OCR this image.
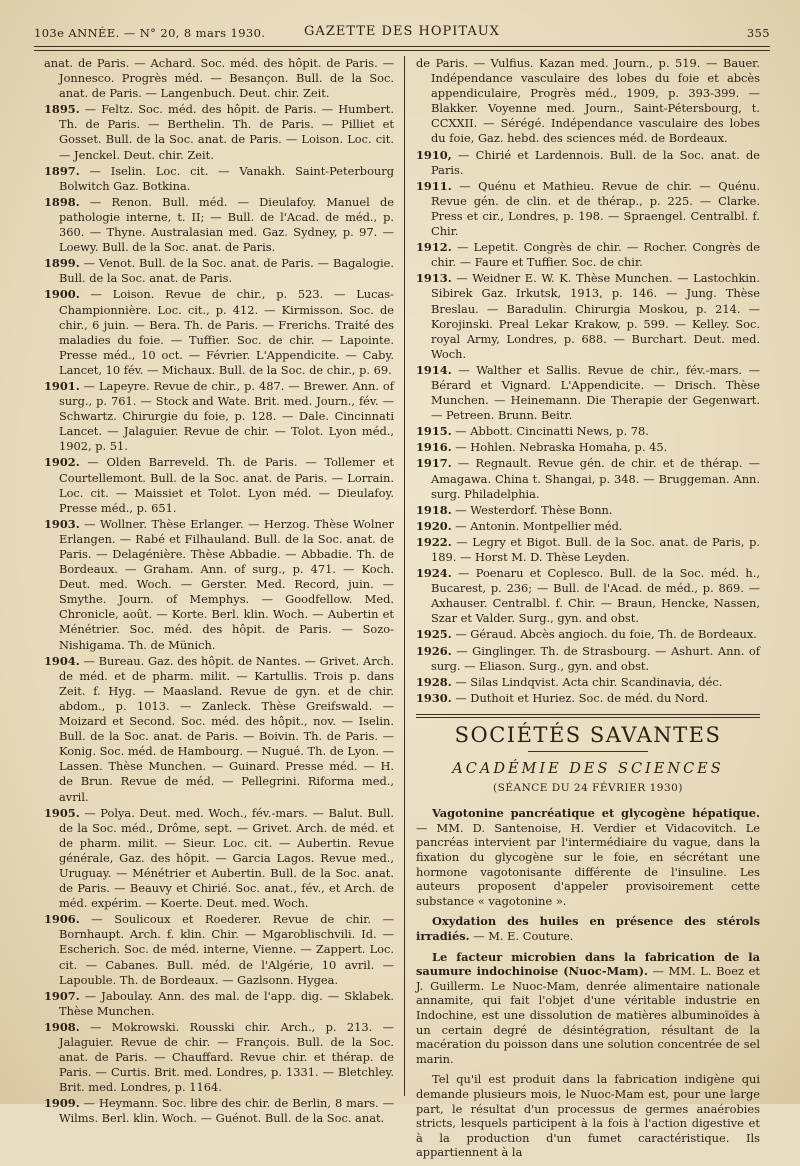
103e ANNÉE. — N° 20, 8 mars 1930.	GAZETTE DES HOPITAUX	355
anat. de Paris. — Achard. Soc. méd. des hôpit. de Paris. — Jonnesco. Progrès méd. — Besançon. Bull. de la Soc. anat. de Paris. — Langenbuch. Deut. chir. Zeit.
1895. — Feltz. Soc. méd. des hôpit. de Paris. — Humbert. Th. de Paris. — Berthelin. Th. de Paris. — Pilliet et Gosset. Bull. de la Soc. anat. de Paris. — Loison. Loc. cit. — Jenckel. Deut. chir. Zeit.
1897. — Iselin. Loc. cit. — Vanakh. Saint-Peterbourg Bolwitch Gaz. Botkina.
1898. — Renon. Bull. méd. — Dieulafoy. Manuel de pathologie interne, t. II; — Bull. de l'Acad. de méd., p. 360. — Thyne. Australasian med. Gaz. Sydney, p. 97. — Loewy. Bull. de la Soc. anat. de Paris.
1899. — Venot. Bull. de la Soc. anat. de Paris. — Bagalogie. Bull. de la Soc. anat. de Paris.
1900. — Loison. Revue de chir., p. 523. — Lucas-Championnière. Loc. cit., p. 412. — Kirmisson. Soc. de chir., 6 juin. — Bera. Th. de Paris. — Frerichs. Traité des maladies du foie. — Tuffier. Soc. de chir. — Lapointe. Presse méd., 10 oct. — Février. L'Appendicite. — Caby. Lancet, 10 fév. — Michaux. Bull. de la Soc. de chir., p. 69.
1901. — Lapeyre. Revue de chir., p. 487. — Brewer. Ann. of surg., p. 761. — Stock and Wate. Brit. med. Journ., fév. — Schwartz. Chirurgie du foie, p. 128. — Dale. Cincinnati Lancet. — Jalaguier. Revue de chir. — Tolot. Lyon méd., 1902, p. 51.
1902. — Olden Barreveld. Th. de Paris. — Tollemer et Courtellemont. Bull. de la Soc. anat. de Paris. — Lorrain. Loc. cit. — Maissiet et Tolot. Lyon méd. — Dieulafoy. Presse méd., p. 651.
1903. — Wollner. Thèse Erlanger. — Herzog. Thèse Wolner Erlangen. — Rabé et Filhauland. Bull. de la Soc. anat. de Paris. — Delagénière. Thèse Abbadie. — Abbadie. Th. de Bordeaux. — Graham. Ann. of surg., p. 471. — Koch. Deut. med. Woch. — Gerster. Med. Record, juin. — Smythe. Journ. of Memphys. — Goodfellow. Med. Chronicle, août. — Korte. Berl. klin. Woch. — Aubertin et Ménétrier. Soc. méd. des hôpit. de Paris. — Sozo-Nishigama. Th. de Münich.
1904. — Bureau. Gaz. des hôpit. de Nantes. — Grivet. Arch. de méd. et de pharm. milit. — Kartullis. Trois p. dans Zeit. f. Hyg. — Maasland. Revue de gyn. et de chir. abdom., p. 1013. — Zanleck. Thèse Greifswald. — Moizard et Second. Soc. méd. des hôpit., nov. — Iselin. Bull. de la Soc. anat. de Paris. — Boivin. Th. de Paris. — Konig. Soc. méd. de Hambourg. — Nugué. Th. de Lyon. — Lassen. Thèse Munchen. — Guinard. Presse méd. — H. de Brun. Revue de méd. — Pellegrini. Riforma med., avril.
1905. — Polya. Deut. med. Woch., fév.-mars. — Balut. Bull. de la Soc. méd., Drôme, sept. — Grivet. Arch. de méd. et de pharm. milit. — Sieur. Loc. cit. — Aubertin. Revue générale, Gaz. des hôpit. — Garcia Lagos. Revue med., Uruguay. — Ménétrier et Aubertin. Bull. de la Soc. anat. de Paris. — Beauvy et Chirié. Soc. anat., fév., et Arch. de méd. expérim. — Koerte. Deut. med. Woch.
1906. — Soulicoux et Roederer. Revue de chir. — Bornhaupt. Arch. f. klin. Chir. — Mgaroblischvili. Id. — Escherich. Soc. de méd. interne, Vienne. — Zappert. Loc. cit. — Cabanes. Bull. méd. de l'Algérie, 10 avril. — Lapouble. Th. de Bordeaux. — Gazlsonn. Hygea.
1907. — Jaboulay. Ann. des mal. de l'app. dig. — Sklabek. Thèse Munchen.
1908. — Mokrowski. Rousski chir. Arch., p. 213. — Jalaguier. Revue de chir. — François. Bull. de la Soc. anat. de Paris. — Chauffard. Revue chir. et thérap. de Paris. — Curtis. Brit. med. Londres, p. 1331. — Bletchley. Brit. med. Londres, p. 1164.
1909. — Heymann. Soc. libre des chir. de Berlin, 8 mars. — Wilms. Berl. klin. Woch. — Guénot. Bull. de la Soc. anat.
de Paris. — Vulfius. Kazan med. Journ., p. 519. — Bauer. Indépendance vasculaire des lobes du foie et abcès appendiculaire, Progrès méd., 1909, p. 393-399. — Blakker. Voyenne med. Journ., Saint-Pétersbourg, t. CCXXII. — Sérégé. Indépendance vasculaire des lobes du foie, Gaz. hebd. des sciences méd. de Bordeaux.
1910, — Chirié et Lardennois. Bull. de la Soc. anat. de Paris.
1911. — Quénu et Mathieu. Revue de chir. — Quénu. Revue gén. de clin. et de thérap., p. 225. — Clarke. Press et cir., Londres, p. 198. — Spraengel. Centralbl. f. Chir.
1912. — Lepetit. Congrès de chir. — Rocher. Congrès de chir. — Faure et Tuffier. Soc. de chir.
1913. — Weidner E. W. K. Thèse Munchen. — Lastochkin. Sibirek Gaz. Irkutsk, 1913, p. 146. — Jung. Thèse Breslau. — Baradulin. Chirurgia Moskou, p. 214. — Korojinski. Preal Lekar Krakow, p. 599. — Kelley. Soc. royal Army, Londres, p. 688. — Burchart. Deut. med. Woch.
1914. — Walther et Sallis. Revue de chir., fév.-mars. — Bérard et Vignard. L'Appendicite. — Drisch. Thèse Munchen. — Heinemann. Die Therapie der Gegenwart. — Petreen. Brunn. Beitr.
1915. — Abbott. Cincinatti News, p. 78.
1916. — Hohlen. Nebraska Homaha, p. 45.
1917. — Regnault. Revue gén. de chir. et de thérap. — Amagawa. China t. Shangai, p. 348. — Bruggeman. Ann. surg. Philadelphia.
1918. — Westerdorf. Thèse Bonn.
1920. — Antonin. Montpellier méd.
1922. — Legry et Bigot. Bull. de la Soc. anat. de Paris, p. 189. — Horst M. D. Thèse Leyden.
1924. — Poenaru et Coplesco. Bull. de la Soc. méd. h., Bucarest, p. 236; — Bull. de l'Acad. de méd., p. 869. — Axhauser. Centralbl. f. Chir. — Braun, Hencke, Nassen, Szar et Valder. Surg., gyn. and obst.
1925. — Géraud. Abcès angioch. du foie, Th. de Bordeaux.
1926. — Ginglinger. Th. de Strasbourg. — Ashurt. Ann. of surg. — Eliason. Surg., gyn. and obst.
1928. — Silas Lindqvist. Acta chir. Scandinavia, déc.
1930. — Duthoit et Huriez. Soc. de méd. du Nord.
SOCIÉTÉS SAVANTES
ACADÉMIE DES SCIENCES
(SÉANCE DU 24 FÉVRIER 1930)

Vagotonine pancréatique et glycogène hépatique. — MM. D. Santenoise, H. Verdier et Vidacovitch. Le pancréas intervient par l'intermédiaire du vague, dans la fixation du glycogène sur le foie, en sécrétant une hormone vagotonisante différente de l'insuline. Les auteurs proposent d'appeler provisoirement cette substance « vagotonine ».

Oxydation des huiles en présence des stérols irradiés. — M. E. Couture.

Le facteur microbien dans la fabrication de la saumure indochinoise (Nuoc-Mam). — MM. L. Boez et J. Guillerm. Le Nuoc-Mam, denrée alimentaire nationale annamite, qui fait l'objet d'une véritable industrie en Indochine, est une dissolution de matières albuminoïdes à un certain degré de désintégration, résultant de la macération du poisson dans une solution concentrée de sel marin.

Tel qu'il est produit dans la fabrication indigène qui demande plusieurs mois, le Nuoc-Mam est, pour une large part, le résultat d'un processus de germes anaérobies stricts, lesquels participent à la fois à l'action digestive et à la production d'un fumet caractéristique. Ils appartiennent à la
